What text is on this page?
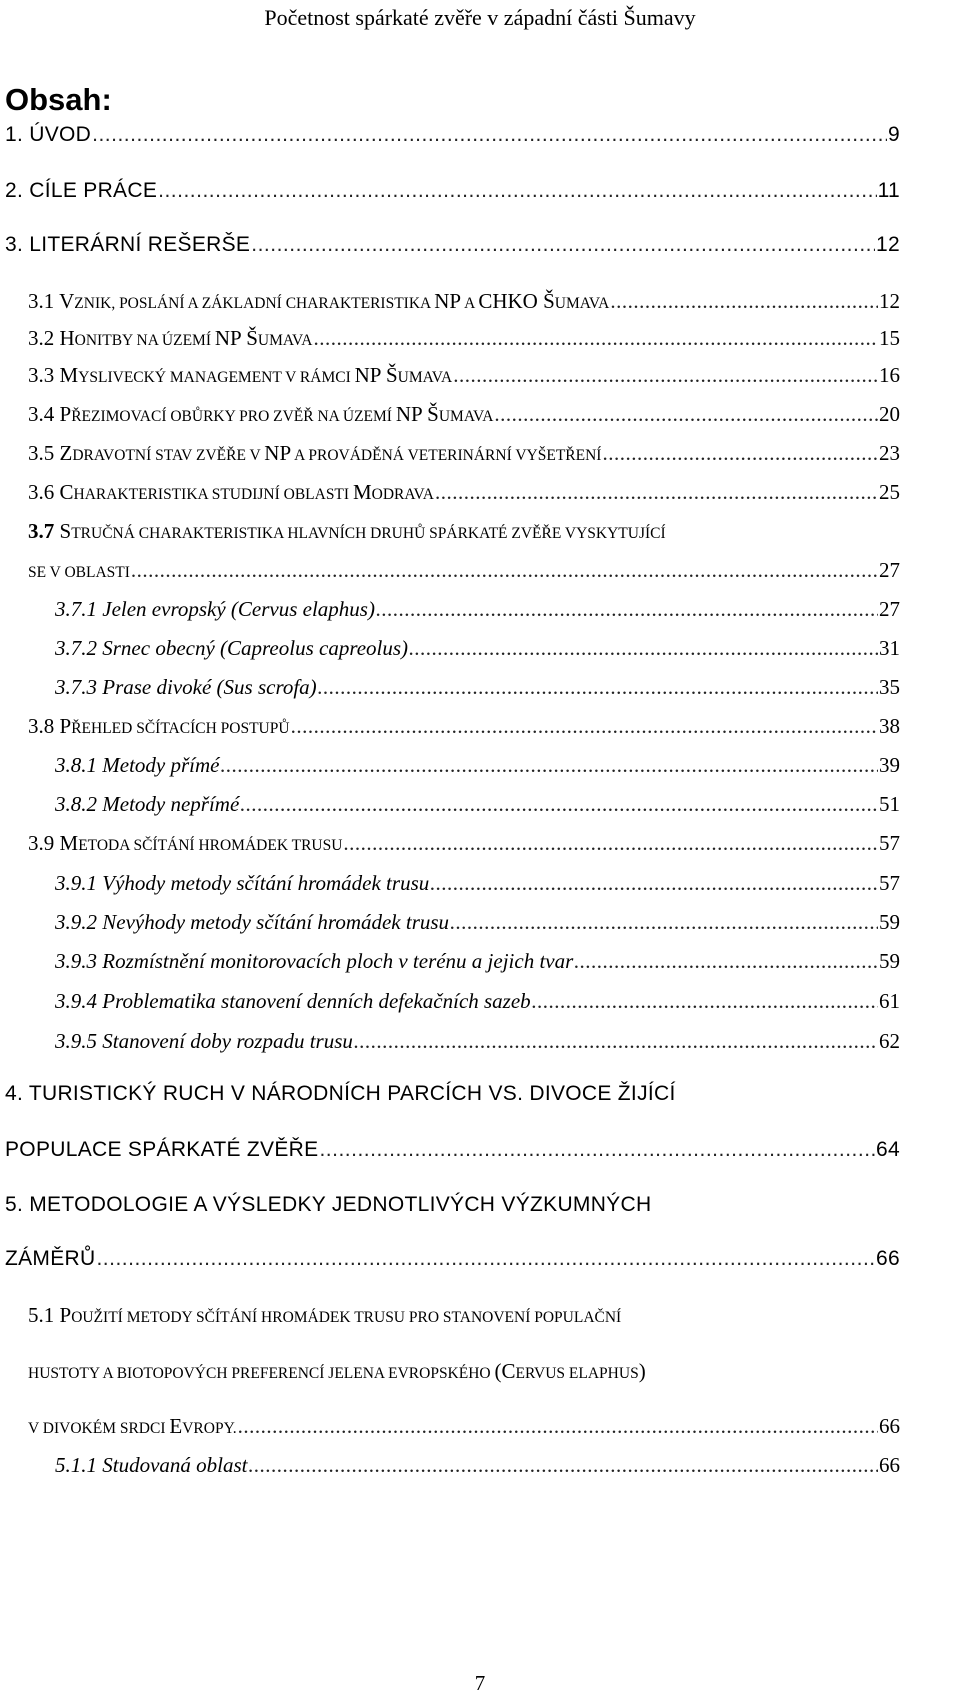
Početnost spárkaté zvěře v západní části Šumavy
Obsah:
1. ÚVOD .....	9
2. CÍLE PRÁCE .....	11
3. LITERÁRNÍ REŠERŠE .....	12
3.1 VZNIK, POSLÁNÍ A ZÁKLADNÍ CHARAKTERISTIKA NP A CHKO ŠUMAVA .....	12
3.2 HONITBY NA ÚZEMÍ NP ŠUMAVA .....	15
3.3 MYSLIVECKÝ MANAGEMENT V RÁMCI NP ŠUMAVA .....	16
3.4 PŘEZIMOVACÍ OBŮRKY PRO ZVĚŘ NA ÚZEMÍ NP ŠUMAVA .....	20
3.5 ZDRAVOTNÍ STAV ZVĚŘE V NP A PROVÁDĚNÁ VETERINÁRNÍ VYŠETŘENÍ .....	23
3.6 CHARAKTERISTIKA STUDIJNÍ OBLASTI MODRAVA .....	25
3.7 STRUČNÁ CHARAKTERISTIKA HLAVNÍCH DRUHŮ SPÁRKATÉ ZVĚŘE VYSKYTUJÍCÍ
SE V OBLASTI .....	27
3.7.1 Jelen evropský (Cervus elaphus) .....	27
3.7.2 Srnec obecný (Capreolus capreolus) .....	31
3.7.3 Prase divoké (Sus scrofa) .....	35
3.8 PŘEHLED SČÍTACÍCH POSTUPŮ .....	38
3.8.1 Metody přímé .....	39
3.8.2 Metody nepřímé .....	51
3.9 METODA SČÍTÁNÍ HROMÁDEK TRUSU .....	57
3.9.1 Výhody metody sčítání hromádek trusu .....	57
3.9.2 Nevýhody metody sčítání hromádek trusu .....	59
3.9.3 Rozmístnění monitorovacích ploch v terénu a jejich tvar .....	59
3.9.4 Problematika stanovení denních defekačních sazeb .....	61
3.9.5 Stanovení doby rozpadu trusu .....	62
4. TURISTICKÝ RUCH V NÁRODNÍCH PARCÍCH VS. DIVOCE ŽIJÍCÍ
POPULACE SPÁRKATÉ ZVĚŘE .....	64
5. METODOLOGIE A VÝSLEDKY JEDNOTLIVÝCH VÝZKUMNÝCH
ZÁMĚRŮ .....	66
5.1 POUŽITÍ METODY SČÍTÁNÍ HROMÁDEK TRUSU PRO STANOVENÍ POPULAČNÍ
HUSTOTY A BIOTOPOVÝCH PREFERENCÍ JELENA EVROPSKÉHO (CERVUS ELAPHUS)
V DIVOKÉM SRDCI EVROPY. .....	66
5.1.1 Studovaná oblast .....	66
7
